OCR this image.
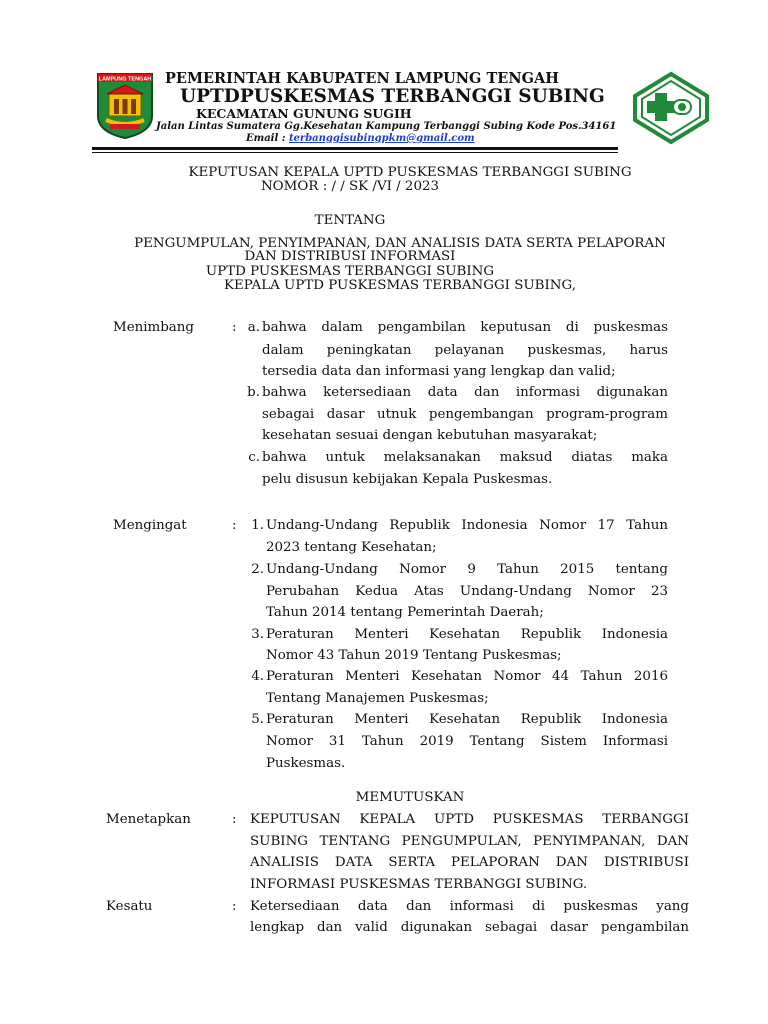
LAMPUNG TENGAH PEMERINTAH KABUPATEN LAMPUNG TENGAH
UPTDPUSKESMAS TERBANGGI SUBING
KECAMATAN GUNUNG SUGIH
Jalan Lintas Sumatera Gg.Kesehatan Kampung Terbanggi Subing Kode Pos.34161
Email : terbanggisubingpkm@gmail.com
KEPUTUSAN KEPALA UPTD PUSKESMAS TERBANGGI SUBING
NOMOR : / / SK /VI / 2023
TENTANG
PENGUMPULAN, PENYIMPANAN, DAN ANALISIS DATA SERTA PELAPORAN
DAN DISTRIBUSI INFORMASI
UPTD PUSKESMAS TERBANGGI SUBING
KEPALA UPTD PUSKESMAS TERBANGGI SUBING,
Menimbang	: a. bahwa dalam pengambilan keputusan di puskesmas
dalam peningkatan pelayanan puskesmas, harus
tersedia data dan informasi yang lengkap dan valid;
b. bahwa ketersediaan data dan informasi digunakan
sebagai dasar utnuk pengembangan program-program
kesehatan sesuai dengan kebutuhan masyarakat;
c. bahwa untuk melaksanakan maksud diatas maka
pelu disusun kebijakan Kepala Puskesmas.
Mengingat	:	1. Undang-Undang Republik Indonesia Nomor 17 Tahun
2023 tentang Kesehatan;
2. Undang-Undang Nomor 9 Tahun 2015 tentang
Perubahan Kedua Atas Undang-Undang Nomor 23
Tahun 2014 tentang Pemerintah Daerah;
3. Peraturan Menteri Kesehatan Republik Indonesia
Nomor 43 Tahun 2019 Tentang Puskesmas;
4. Peraturan Menteri Kesehatan Nomor 44 Tahun 2016
Tentang Manajemen Puskesmas;
5. Peraturan Menteri Kesehatan Republik Indonesia
Nomor 31 Tahun 2019 Tentang Sistem Informasi
Puskesmas.
MEMUTUSKAN
Menetapkan	: KEPUTUSAN KEPALA UPTD PUSKESMAS TERBANGGI
SUBING TENTANG PENGUMPULAN, PENYIMPANAN, DAN
ANALISIS DATA SERTA PELAPORAN DAN DISTRIBUSI
INFORMASI PUSKESMAS TERBANGGI SUBING.
Kesatu	: Ketersediaan data dan informasi di puskesmas yang
lengkap dan valid digunakan sebagai dasar pengambilan
